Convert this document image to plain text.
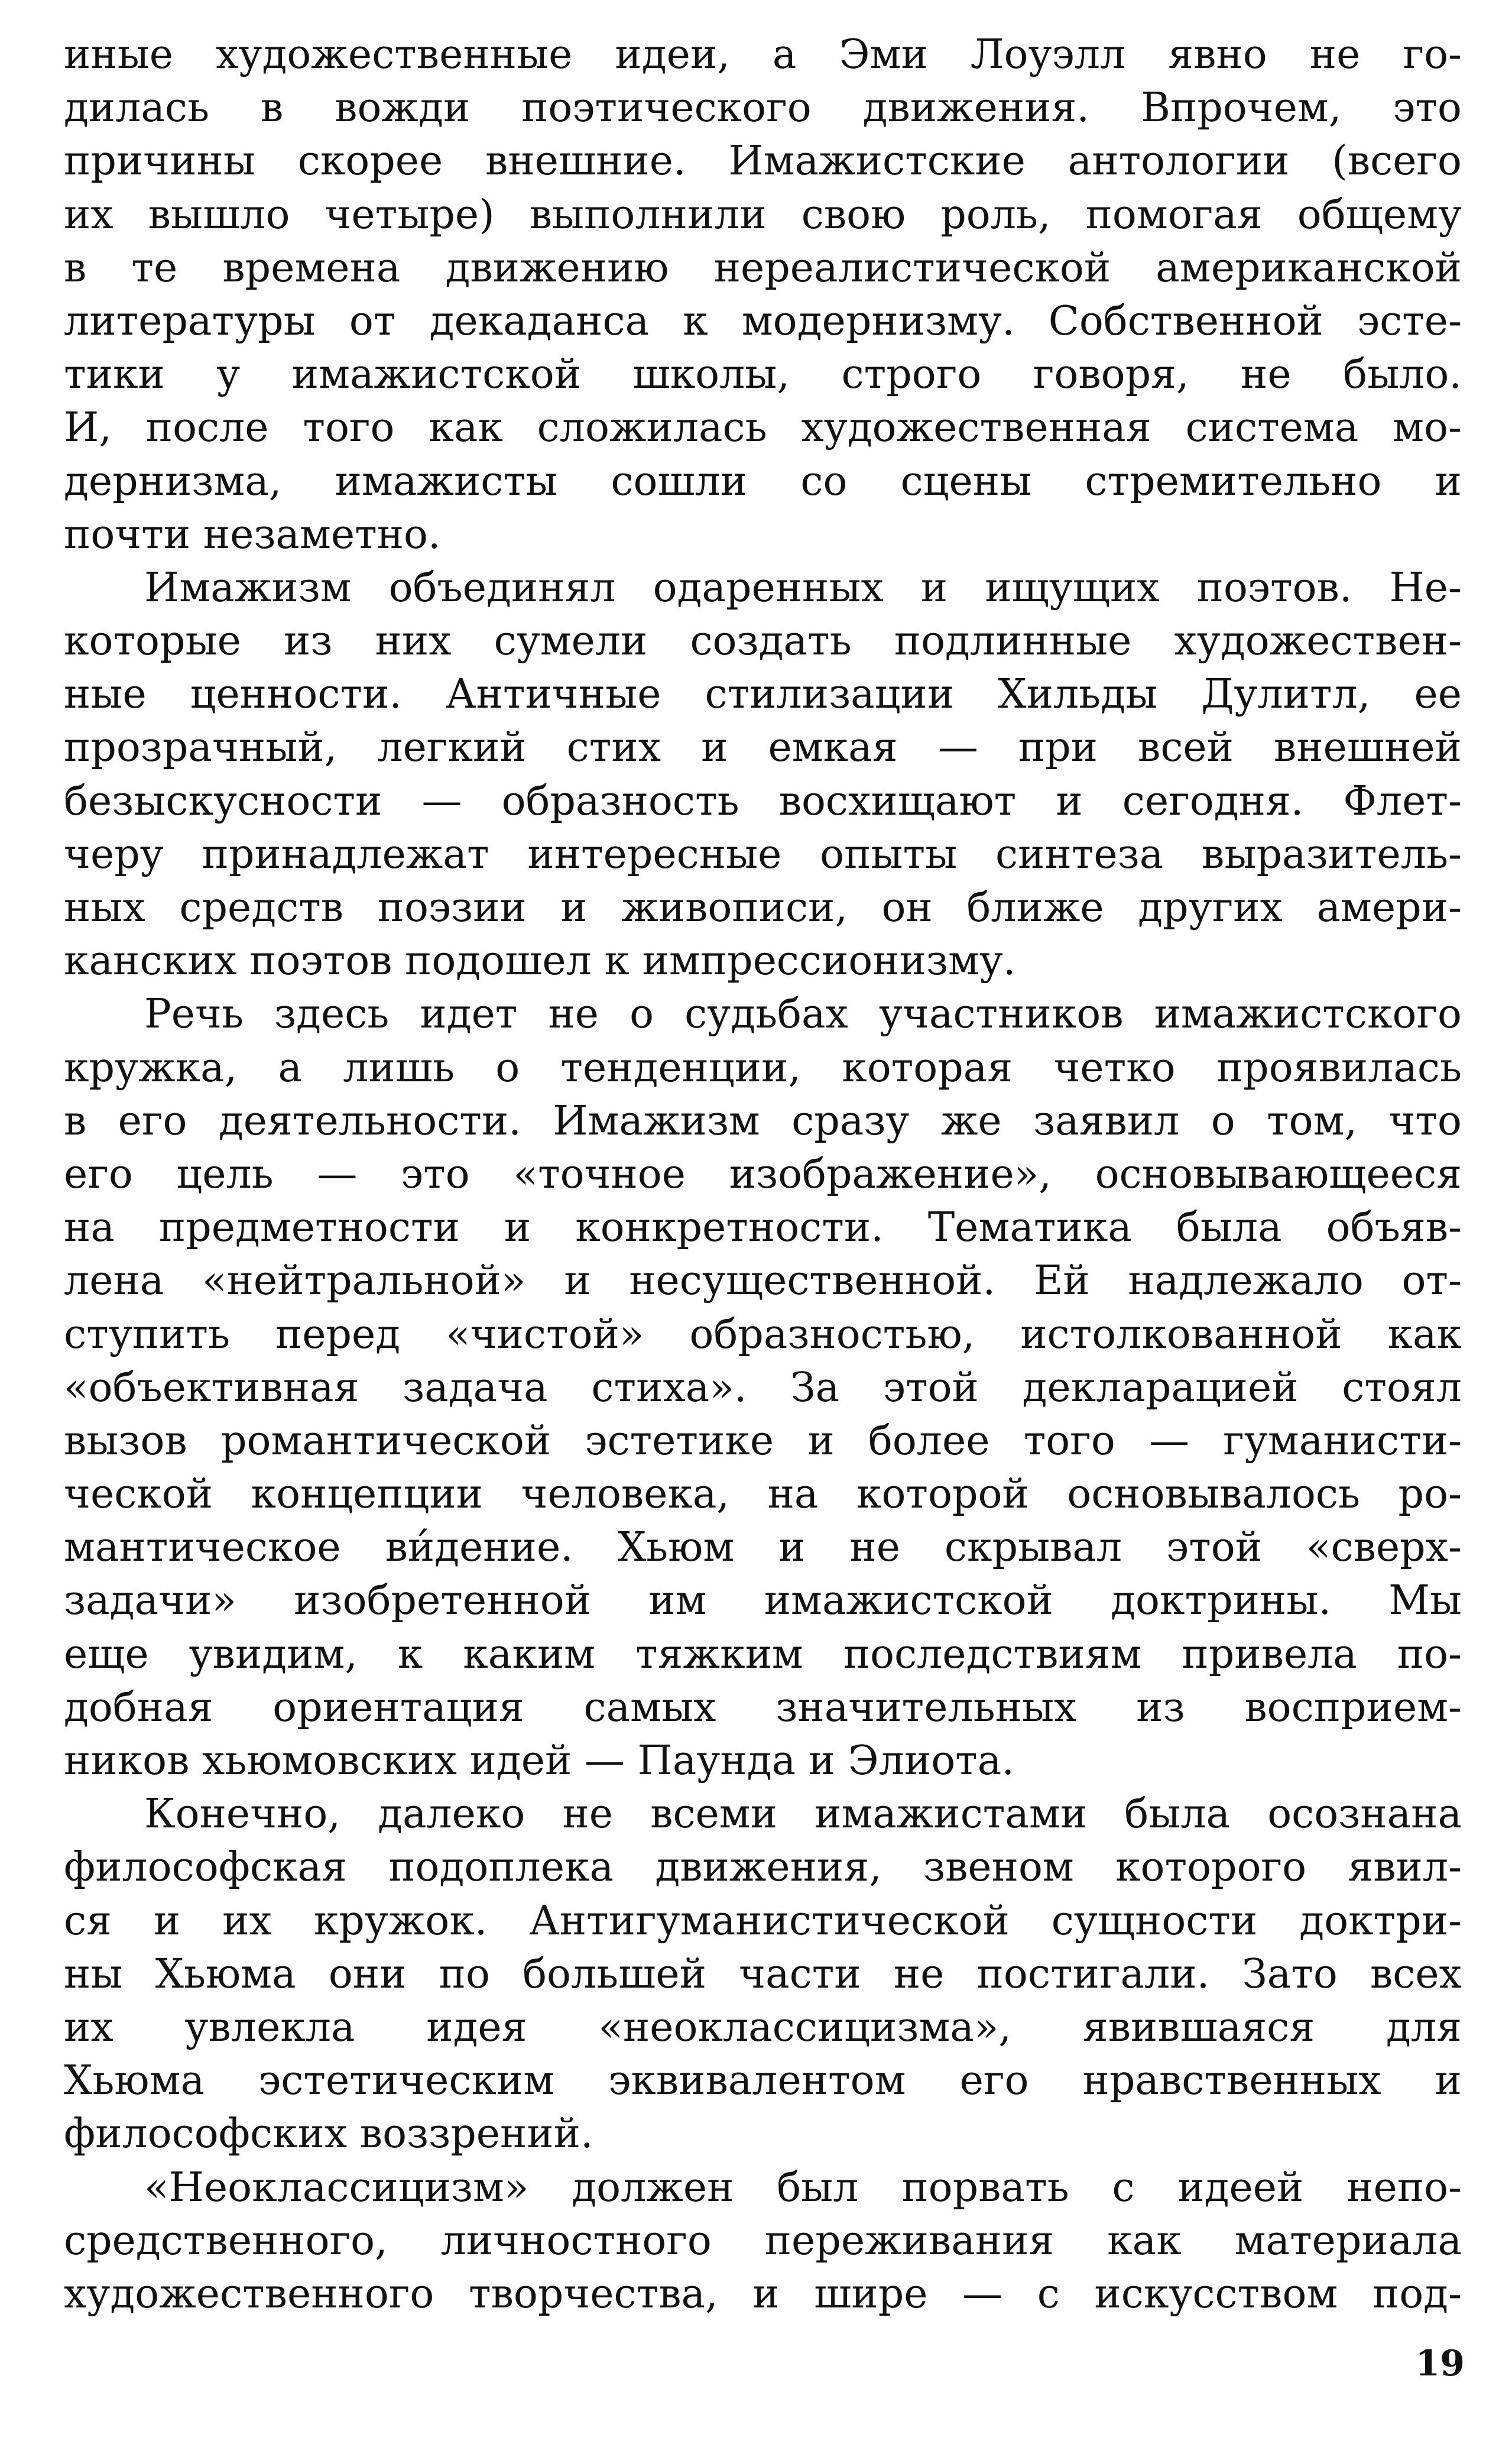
иные художественные идеи, а Эми Лоуэлл явно не го-
дилась в вожди поэтического движения. Впрочем, это
причины скорее внешние. Имажистские антологии (всего
их вышло четыре) выполнили свою роль, помогая общему
в те времена движению нереалистической американской
литературы от декаданса к модернизму. Собственной эсте-
тики у имажистской школы, строго говоря, не было.
И, после того как сложилась художественная система мо-
дернизма, имажисты сошли со сцены стремительно и
почти незаметно.
Имажизм объединял одаренных и ищущих поэтов. Не-
которые из них сумели создать подлинные художествен-
ные ценности. Античные стилизации Хильды Дулитл, ее
прозрачный, легкий стих и емкая — при всей внешней
безыскусности — образность восхищают и сегодня. Флет-
черу принадлежат интересные опыты синтеза выразитель-
ных средств поэзии и живописи, он ближе других амери-
канских поэтов подошел к импрессионизму.
Речь здесь идет не о судьбах участников имажистского
кружка, а лишь о тенденции, которая четко проявилась
в его деятельности. Имажизм сразу же заявил о том, что
его цель — это «точное изображение», основывающееся
на предметности и конкретности. Тематика была объяв-
лена «нейтральной» и несущественной. Ей надлежало от-
ступить перед «чистой» образностью, истолкованной как
«объективная задача стиха». За этой декларацией стоял
вызов романтической эстетике и более того — гуманисти-
ческой концепции человека, на которой основывалось ро-
мантическое ви́дение. Хьюм и не скрывал этой «сверх-
задачи» изобретенной им имажистской доктрины. Мы
еще увидим, к каким тяжким последствиям привела по-
добная ориентация самых значительных из восприем-
ников хьюмовских идей — Паунда и Элиота.
Конечно, далеко не всеми имажистами была осознана
философская подоплека движения, звеном которого явил-
ся и их кружок. Антигуманистической сущности доктри-
ны Хьюма они по большей части не постигали. Зато всех
их увлекла идея «неоклассицизма», явившаяся для
Хьюма эстетическим эквивалентом его нравственных и
философских воззрений.
«Неоклассицизм» должен был порвать с идеей непо-
средственного, личностного переживания как материала
художественного творчества, и шире — с искусством под-
19
